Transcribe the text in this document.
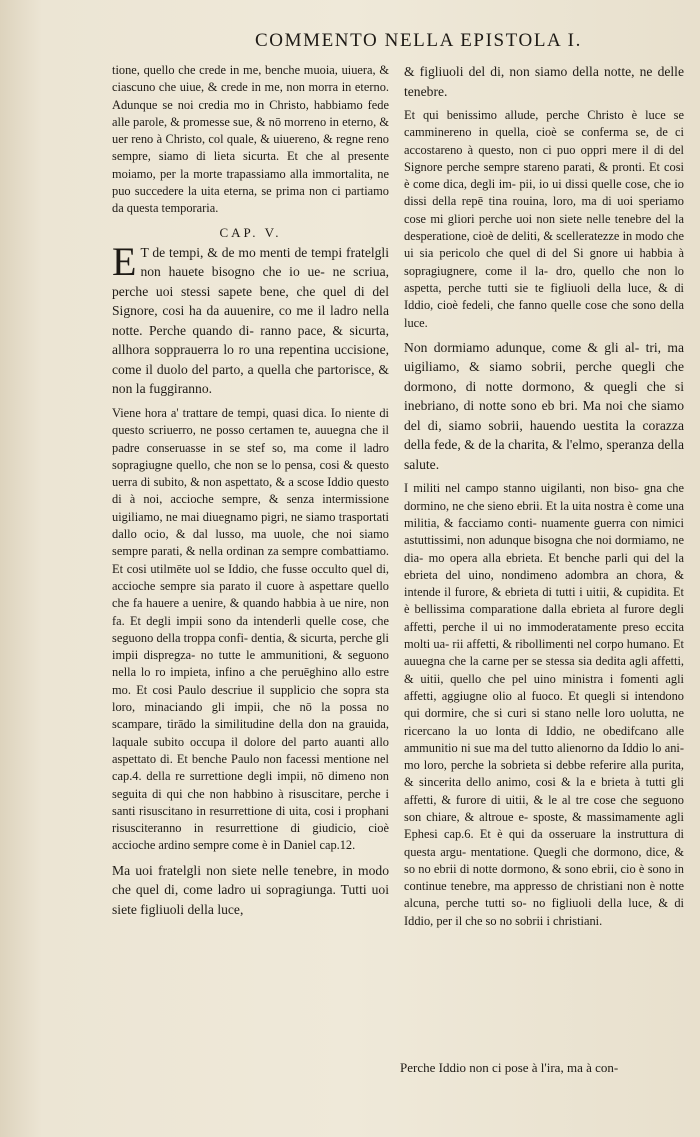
COMMENTO NELLA EPISTOLA I.

tione, quello che crede in me, benche muoia, uiuera, & ciascuno che uiue, & crede in me, non morra in eterno. Adunque se noi credia mo in Christo, habbiamo fede alle parole, & promesse sue, & nō morreno in eterno, & uer reno à Christo, col quale, & uiuereno, & regne reno sempre, siamo di lieta sicurta. Et che al presente moiamo, per la morte trapassiamo alla immortalita, ne puo succedere la uita eterna, se prima non ci partiamo da questa temporaria.

CAP. V.

ET de tempi, & de mo menti de tempi fratelgli non hauete bisogno che io ue- ne scriua, perche uoi stessi sapete bene, che quel di del Signore, cosi ha da auuenire, co me il ladro nella notte. Perche quando di- ranno pace, & sicurta, allhora sopprauerra lo ro una repentina uccisione, come il duolo del parto, a quella che partorisce, & non la fuggiranno.

Viene hora a' trattare de tempi, quasi dica. Io niente di questo scriuerro, ne posso certamen te, auuegna che il padre conseruasse in se stef so, ma come il ladro sopragiugne quello, che non se lo pensa, cosi & questo uerra di subito, & non aspettato, & a scose Iddio questo di à noi, accioche sempre, & senza intermissione uigiliamo, ne mai diuegnamo pigri, ne siamo trasportati dallo ocio, & dal lusso, ma uuole, che noi siamo sempre parati, & nella ordinan za sempre combattiamo. Et cosi utilmēte uol se Iddio, che fusse occulto quel di, accioche sempre sia parato il cuore à aspettare quello che fa hauere a uenire, & quando habbia à ue nire, non fa. Et degli impii sono da intenderli quelle cose, che seguono della troppa confi- dentia, & sicurta, perche gli impii dispregza- no tutte le ammunitioni, & seguono nella lo ro impieta, infino a che peruēghino allo estre mo. Et cosi Paulo descriue il supplicio che sopra sta loro, minaciando gli impii, che nō la possa no scampare, tirādo la similitudine della don na grauida, laquale subito occupa il dolore del parto auanti allo aspettato di. Et benche Paulo non facessi mentione nel cap.4. della re surrettione degli impii, nō dimeno non seguita di qui che non habbino à risuscitare, perche i santi risuscitano in resurrettione di uita, cosi i prophani risusciteranno in resurrettione di giudicio, cioè accioche ardino sempre come è in Daniel cap.12.

Ma uoi fratelgli non siete nelle tenebre, in modo che quel di, come ladro ui sopragiunga. Tutti uoi siete figliuoli della luce,

& figliuoli del di, non siamo della notte, ne delle tenebre.

Et qui benissimo allude, perche Christo è luce se camminereno in quella, cioè se conferma se, de ci accostareno à questo, non ci puo oppri mere il di del Signore perche sempre stareno parati, & pronti. Et cosi è come dica, degli im- pii, io ui dissi quelle cose, che io dissi della repē tina rouina, loro, ma di uoi speriamo cose mi gliori perche uoi non siete nelle tenebre del la desperatione, cioè de deliti, & scelleratezze in modo che ui sia pericolo che quel di del Si gnore ui habbia à sopragiugnere, come il la- dro, quello che non lo aspetta, perche tutti sie te figliuoli della luce, & di Iddio, cioè fedeli, che fanno quelle cose che sono della luce.

Non dormiamo adunque, come & gli al- tri, ma uigiliamo, & siamo sobrii, perche quegli che dormono, di notte dormono, & quegli che si inebriano, di notte sono eb bri. Ma noi che siamo del di, siamo sobrii, hauendo uestita la corazza della fede, & de la charita, & l'elmo, speranza della salute.

I militi nel campo stanno uigilanti, non biso- gna che dormino, ne che sieno ebrii. Et la uita nostra è come una militia, & facciamo conti- nuamente guerra con nimici astuttissimi, non adunque bisogna che noi dormiamo, ne dia- mo opera alla ebrieta. Et benche parli qui del la ebrieta del uino, nondimeno adombra an chora, & intende il furore, & ebrieta di tutti i uitii, & cupidita. Et è bellissima comparatione dalla ebrieta al furore degli affetti, perche il ui no immoderatamente preso eccita molti ua- rii affetti, & ribollimenti nel corpo humano. Et auuegna che la carne per se stessa sia dedita agli affetti, & uitii, quello che pel uino ministra i fomenti agli affetti, aggiugne olio al fuoco. Et quegli si intendono qui dormire, che si curi si stano nelle loro uolutta, ne ricercano la uo lonta di Iddio, ne obedifcano alle ammunitio ni sue ma del tutto alienorno da Iddio lo ani- mo loro, perche la sobrieta si debbe referire alla purita, & sincerita dello animo, cosi & la e brieta à tutti gli affetti, & furore di uitii, & le al tre cose che seguono son chiare, & altroue e- sposte, & massimamente agli Ephesi cap.6. Et è qui da osseruare la instruttura di questa argu- mentatione. Quegli che dormono, dice, & so no ebrii di notte dormono, & sono ebrii, cio è sono in continue tenebre, ma appresso de christiani non è notte alcuna, perche tutti so- no figliuoli della luce, & di Iddio, per il che so no sobrii i christiani.

Perche Iddio non ci pose à l'ira, ma à con-
